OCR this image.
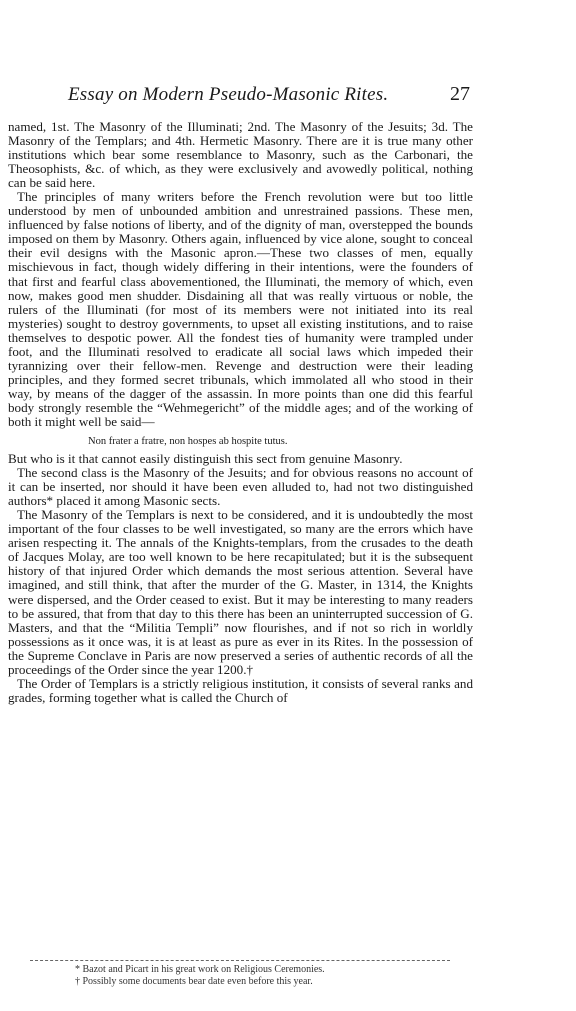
Essay on Modern Pseudo-Masonic Rites.	27

named, 1st. The Masonry of the Illuminati; 2nd. The Masonry of the Jesuits; 3d. The Masonry of the Templars; and 4th. Hermetic Masonry. There are it is true many other institutions which bear some resemblance to Masonry, such as the Carbonari, the Theosophists, &c. of which, as they were exclusively and avowedly political, nothing can be said here.

The principles of many writers before the French revolution were but too little understood by men of unbounded ambition and unrestrained passions. These men, influenced by false notions of liberty, and of the dignity of man, overstepped the bounds imposed on them by Masonry. Others again, influenced by vice alone, sought to conceal their evil designs with the Masonic apron.—These two classes of men, equally mischievous in fact, though widely differing in their intentions, were the founders of that first and fearful class abovementioned, the Illuminati, the memory of which, even now, makes good men shudder. Disdaining all that was really virtuous or noble, the rulers of the Illuminati (for most of its members were not initiated into its real mysteries) sought to destroy governments, to upset all existing institutions, and to raise themselves to despotic power. All the fondest ties of humanity were trampled under foot, and the Illuminati resolved to eradicate all social laws which impeded their tyrannizing over their fellow-men. Revenge and destruction were their leading principles, and they formed secret tribunals, which immolated all who stood in their way, by means of the dagger of the assassin. In more points than one did this fearful body strongly resemble the “Wehmegericht” of the middle ages; and of the working of both it might well be said—

Non frater a fratre, non hospes ab hospite tutus.

But who is it that cannot easily distinguish this sect from genuine Masonry.

The second class is the Masonry of the Jesuits; and for obvious reasons no account of it can be inserted, nor should it have been even alluded to, had not two distinguished authors* placed it among Masonic sects.

The Masonry of the Templars is next to be considered, and it is undoubtedly the most important of the four classes to be well investigated, so many are the errors which have arisen respecting it. The annals of the Knights-templars, from the crusades to the death of Jacques Molay, are too well known to be here recapitulated; but it is the subsequent history of that injured Order which demands the most serious attention. Several have imagined, and still think, that after the murder of the G. Master, in 1314, the Knights were dispersed, and the Order ceased to exist. But it may be interesting to many readers to be assured, that from that day to this there has been an uninterrupted succession of G. Masters, and that the “Militia Templi” now flourishes, and if not so rich in worldly possessions as it once was, it is at least as pure as ever in its Rites. In the possession of the Supreme Conclave in Paris are now preserved a series of authentic records of all the proceedings of the Order since the year 1200.†

The Order of Templars is a strictly religious institution, it consists of several ranks and grades, forming together what is called the Church of

* Bazot and Picart in his great work on Religious Ceremonies.
† Possibly some documents bear date even before this year.
